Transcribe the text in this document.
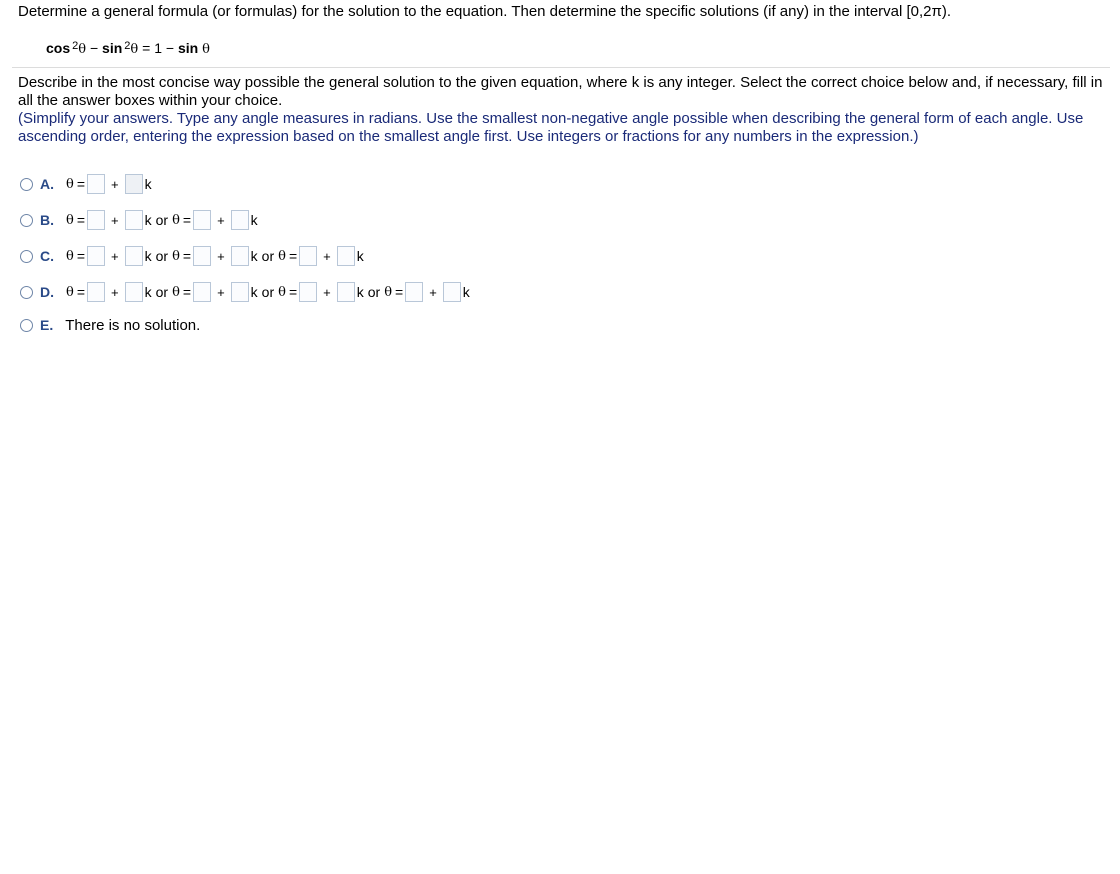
Determine a general formula (or formulas) for the solution to the equation. Then determine the specific solutions (if any) in the interval [0,2π).
cos $^2$θ − sin $^2$θ = 1 − sin θ
Describe in the most concise way possible the general solution to the given equation, where k is any integer. Select the correct choice below and, if necessary, fill in all the answer boxes within your choice.
(Simplify your answers. Type any angle measures in radians. Use the smallest non-negative angle possible when describing the general form of each angle. Use ascending order, entering the expression based on the smallest angle first. Use integers or fractions for any numbers in the expression.)
A. θ = + k
B. θ = + k or θ = + k
C. θ = + k or θ = + k or θ = + k
D. θ = + k or θ = + k or θ = + k or θ = + k
E. There is no solution.
